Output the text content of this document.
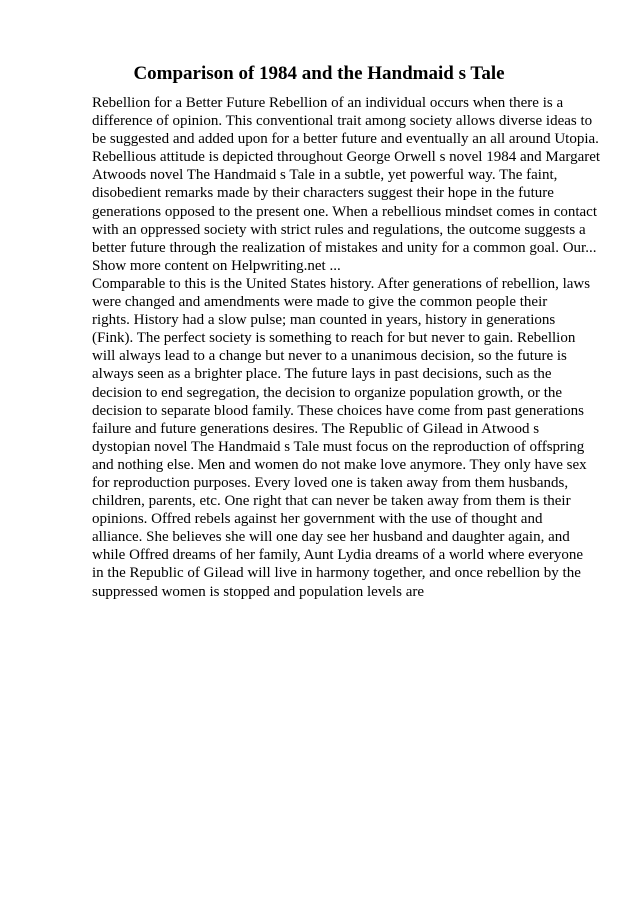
Comparison of 1984 and the Handmaid s Tale
Rebellion for a Better Future Rebellion of an individual occurs when there is a
difference of opinion. This conventional trait among society allows diverse ideas to
be suggested and added upon for a better future and eventually an all around Utopia.
Rebellious attitude is depicted throughout George Orwell s novel 1984 and Margaret
Atwoods novel The Handmaid s Tale in a subtle, yet powerful way. The faint,
disobedient remarks made by their characters suggest their hope in the future
generations opposed to the present one. When a rebellious mindset comes in contact
with an oppressed society with strict rules and regulations, the outcome suggests a
better future through the realization of mistakes and unity for a common goal. Our...
Show more content on Helpwriting.net ...
Comparable to this is the United States history. After generations of rebellion, laws
were changed and amendments were made to give the common people their
rights. History had a slow pulse; man counted in years, history in generations
(Fink). The perfect society is something to reach for but never to gain. Rebellion
will always lead to a change but never to a unanimous decision, so the future is
always seen as a brighter place. The future lays in past decisions, such as the
decision to end segregation, the decision to organize population growth, or the
decision to separate blood family. These choices have come from past generations
failure and future generations desires. The Republic of Gilead in Atwood s
dystopian novel The Handmaid s Tale must focus on the reproduction of offspring
and nothing else. Men and women do not make love anymore. They only have sex
for reproduction purposes. Every loved one is taken away from them husbands,
children, parents, etc. One right that can never be taken away from them is their
opinions. Offred rebels against her government with the use of thought and
alliance. She believes she will one day see her husband and daughter again, and
while Offred dreams of her family, Aunt Lydia dreams of a world where everyone
in the Republic of Gilead will live in harmony together, and once rebellion by the
suppressed women is stopped and population levels are
